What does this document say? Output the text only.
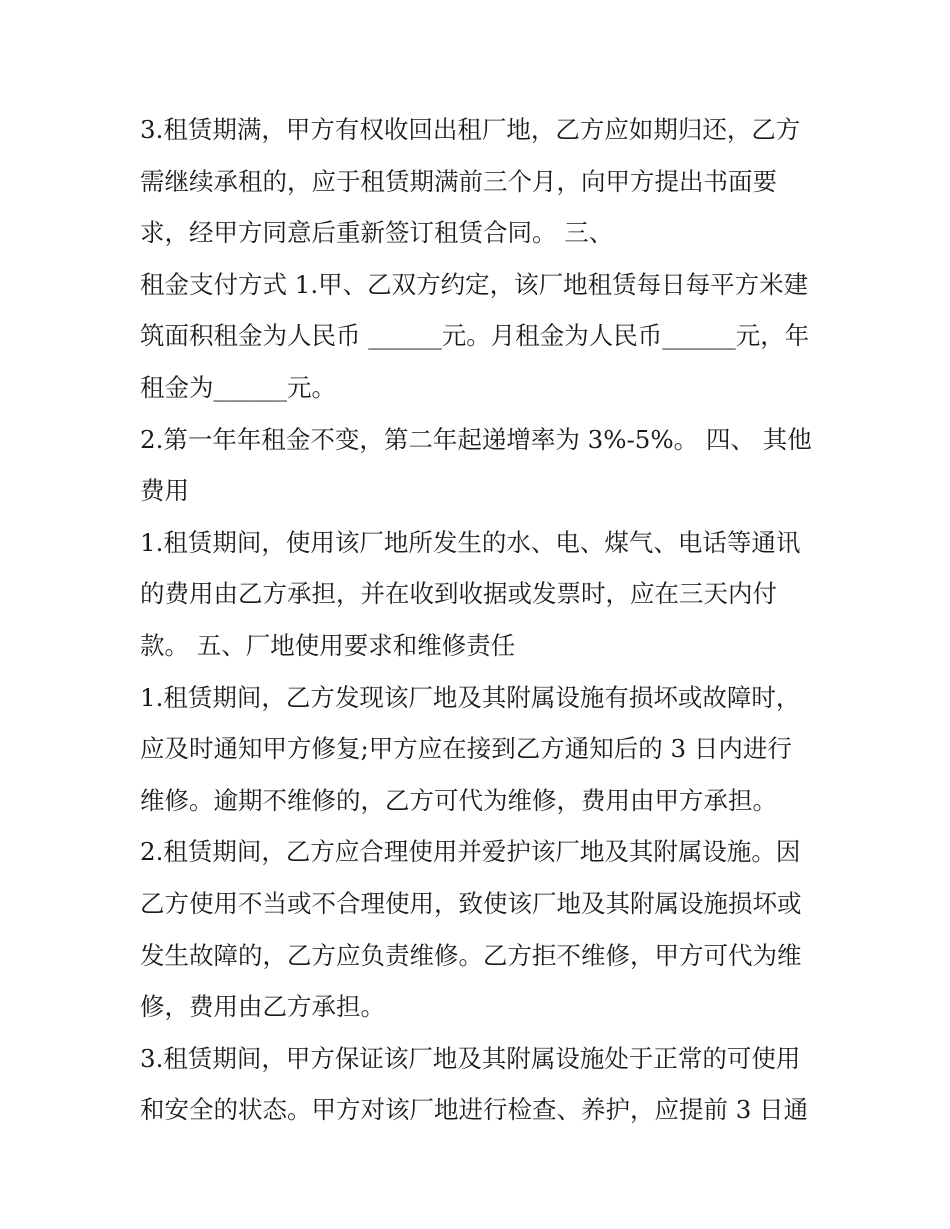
3.租赁期满，甲方有权收回出租厂地，乙方应如期归还，乙方
需继续承租的，应于租赁期满前三个月，向甲方提出书面要
求，经甲方同意后重新签订租赁合同。 三、
租金支付方式 1.甲、乙双方约定，该厂地租赁每日每平方米建
筑面积租金为人民币 ______元。月租金为人民币______元，年
租金为______元。
2.第一年年租金不变，第二年起递增率为 3%-5%。 四、 其他
费用
1.租赁期间，使用该厂地所发生的水、电、煤气、电话等通讯
的费用由乙方承担，并在收到收据或发票时，应在三天内付
款。 五、厂地使用要求和维修责任
1.租赁期间，乙方发现该厂地及其附属设施有损坏或故障时，
应及时通知甲方修复;甲方应在接到乙方通知后的 3 日内进行
维修。逾期不维修的，乙方可代为维修，费用由甲方承担。
2.租赁期间，乙方应合理使用并爱护该厂地及其附属设施。因
乙方使用不当或不合理使用，致使该厂地及其附属设施损坏或
发生故障的，乙方应负责维修。乙方拒不维修，甲方可代为维
修，费用由乙方承担。
3.租赁期间，甲方保证该厂地及其附属设施处于正常的可使用
和安全的状态。甲方对该厂地进行检查、养护，应提前 3 日通
